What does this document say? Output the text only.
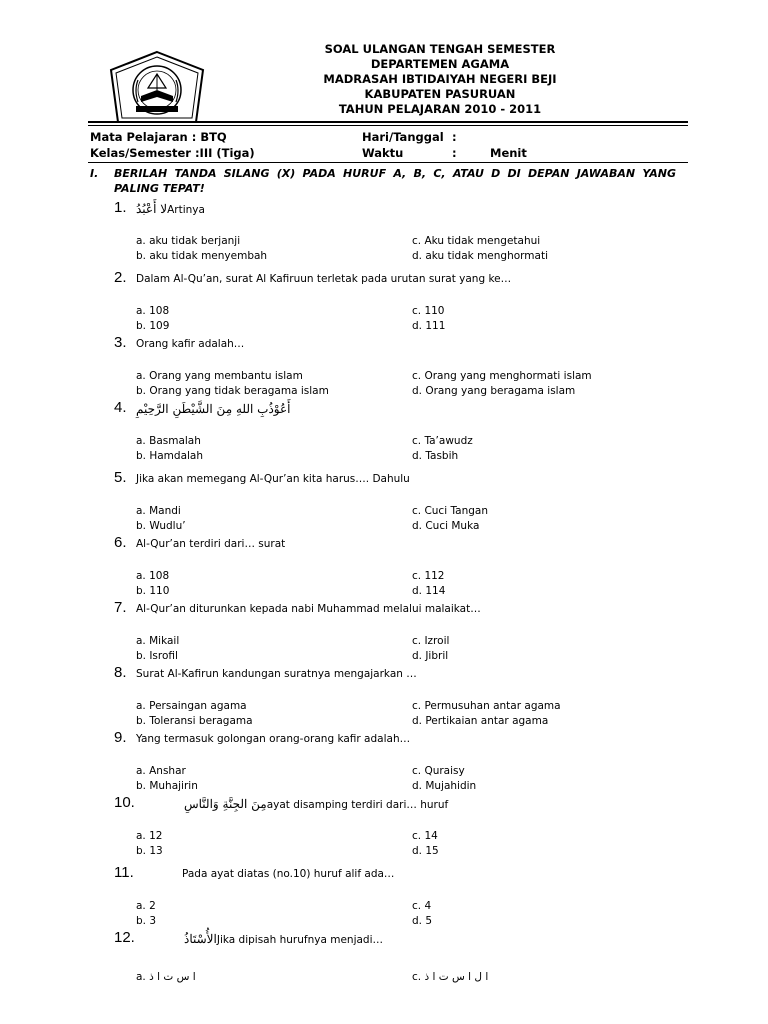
SOAL ULANGAN TENGAH SEMESTER
DEPARTEMEN AGAMA
MADRASAH IBTIDAIYAH NEGERI BEJI
KABUPATEN PASURUAN
TAHUN PELAJARAN 2010 - 2011
Mata Pelajaran : BTQ	Hari/Tanggal :
Kelas/Semester :III (Tiga)	Waktu	:	Menit
I. BERILAH TANDA SILANG (X) PADA HURUF A, B, C, ATAU D DI DEPAN JAWABAN YANG PALING TEPAT!
1. لا أَعْبُدُArtinya
a. aku tidak berjanji
b. aku tidak menyembah
c. Aku tidak mengetahui
d. aku tidak menghormati
2. Dalam Al-Qu’an, surat Al Kafiruun terletak pada urutan surat yang ke…
a. 108
b. 109
c. 110
d. 111
3. Orang kafir adalah…
a. Orang yang membantu islam
b. Orang yang tidak beragama islam
c. Orang yang menghormati islam
d. Orang yang beragama islam
4. أَعُوْذُبِ اللهِ مِنَ الشَّيْطَنِ الرَّحِيْمِ
a. Basmalah
b. Hamdalah
c. Ta’awudz
d. Tasbih
5. Jika akan memegang Al-Qur’an kita harus…. Dahulu
a. Mandi
b. Wudlu’
c. Cuci Tangan
d. Cuci Muka
6. Al-Qur’an terdiri dari… surat
a. 108
b. 110
c. 112
d. 114
7. Al-Qur’an diturunkan kepada nabi Muhammad melalui malaikat…
a. Mikail
b. Isrofil
c. Izroil
d. Jibril
8. Surat Al-Kafirun kandungan suratnya mengajarkan …
a. Persaingan agama
b. Toleransi beragama
c. Permusuhan antar agama
d. Pertikaian antar agama
9. Yang termasuk golongan orang-orang kafir adalah…
a. Anshar
b. Muhajirin
c. Quraisy
d. Mujahidin
10.	مِنَ الجِنَّةِ وَالنَّاسِayat disamping terdiri dari… huruf
a. 12
b. 13
c. 14
d. 15
11.	Pada ayat diatas (no.10) huruf alif ada…
a. 2
b. 3
c. 4
d. 5
12.	الأُسْتَاذُJika dipisah hurufnya menjadi…
a. ا س ت ا ذ	c. ا ل ا س ت ا ذ
